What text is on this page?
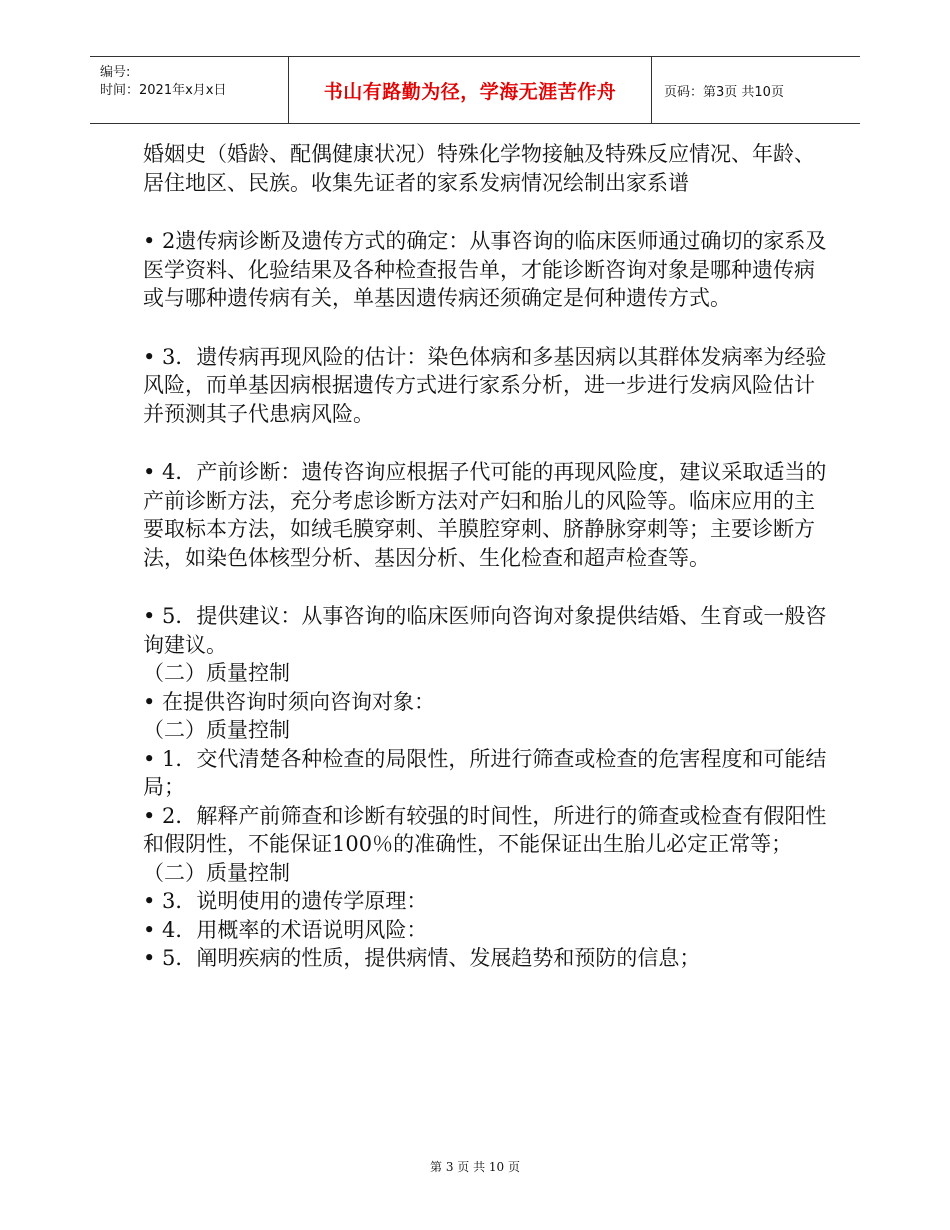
编号:
时间：2021年x月x日	书山有路勤为径，学海无涯苦作舟	页码：第3页 共10页

婚姻史（婚龄、配偶健康状况）特殊化学物接触及特殊反应情况、年龄、居住地区、民族。收集先证者的家系发病情况绘制出家系谱

• 2遗传病诊断及遗传方式的确定：从事咨询的临床医师通过确切的家系及医学资料、化验结果及各种检查报告单，才能诊断咨询对象是哪种遗传病或与哪种遗传病有关，单基因遗传病还须确定是何种遗传方式。

• 3．遗传病再现风险的估计：染色体病和多基因病以其群体发病率为经验风险，而单基因病根据遗传方式进行家系分析，进一步进行发病风险估计并预测其子代患病风险。

• 4．产前诊断：遗传咨询应根据子代可能的再现风险度，建议采取适当的产前诊断方法，充分考虑诊断方法对产妇和胎儿的风险等。临床应用的主要取标本方法，如绒毛膜穿刺、羊膜腔穿刺、脐静脉穿刺等；主要诊断方法，如染色体核型分析、基因分析、生化检查和超声检查等。

• 5．提供建议：从事咨询的临床医师向咨询对象提供结婚、生育或一般咨询建议。

（二）质量控制

• 在提供咨询时须向咨询对象：

（二）质量控制

• 1．交代清楚各种检查的局限性，所进行筛查或检查的危害程度和可能结局；

• 2．解释产前筛查和诊断有较强的时间性，所进行的筛查或检查有假阳性和假阴性，不能保证100％的准确性，不能保证出生胎儿必定正常等；

（二）质量控制

• 3．说明使用的遗传学原理：

• 4．用概率的术语说明风险：

• 5．阐明疾病的性质，提供病情、发展趋势和预防的信息；

第 3 页 共 10 页
